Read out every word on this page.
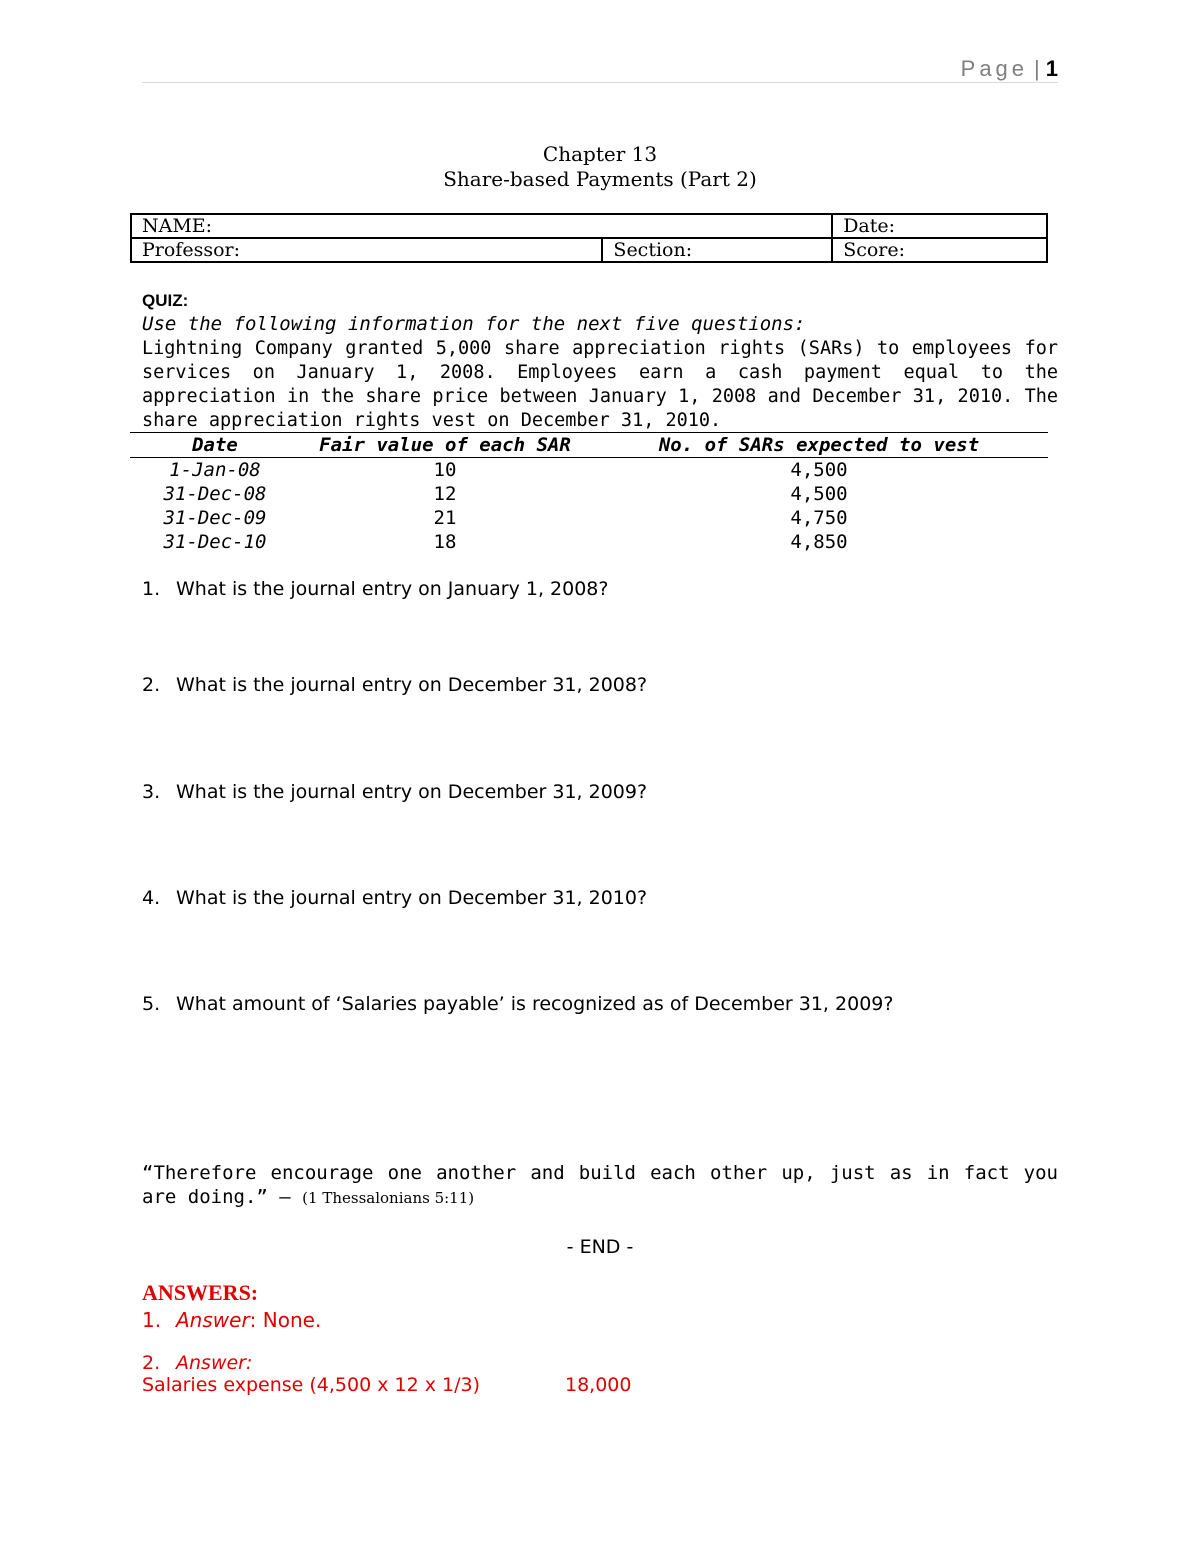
Page | 1
Chapter 13
Share-based Payments (Part 2)
NAME:		Date:
Professor:	Section:	Score:
QUIZ:
Use the following information for the next five questions:
Lightning Company granted 5,000 share appreciation rights (SARs) to employees for services on January 1, 2008. Employees earn a cash payment equal to the appreciation in the share price between January 1, 2008 and December 31, 2010. The share appreciation rights vest on December 31, 2010.
Date	Fair value of each SAR	No. of SARs expected to vest
1-Jan-08	10	4,500
31-Dec-08	12	4,500
31-Dec-09	21	4,750
31-Dec-10	18	4,850
1. What is the journal entry on January 1, 2008?
2. What is the journal entry on December 31, 2008?
3. What is the journal entry on December 31, 2009?
4. What is the journal entry on December 31, 2010?
5. What amount of ‘Salaries payable’ is recognized as of December 31, 2009?
“Therefore encourage one another and build each other up, just as in fact you are doing.” – (1 Thessalonians 5:11)
- END -
ANSWERS:
1. Answer: None.
2. Answer:
Salaries expense (4,500 x 12 x 1/3)	18,000
